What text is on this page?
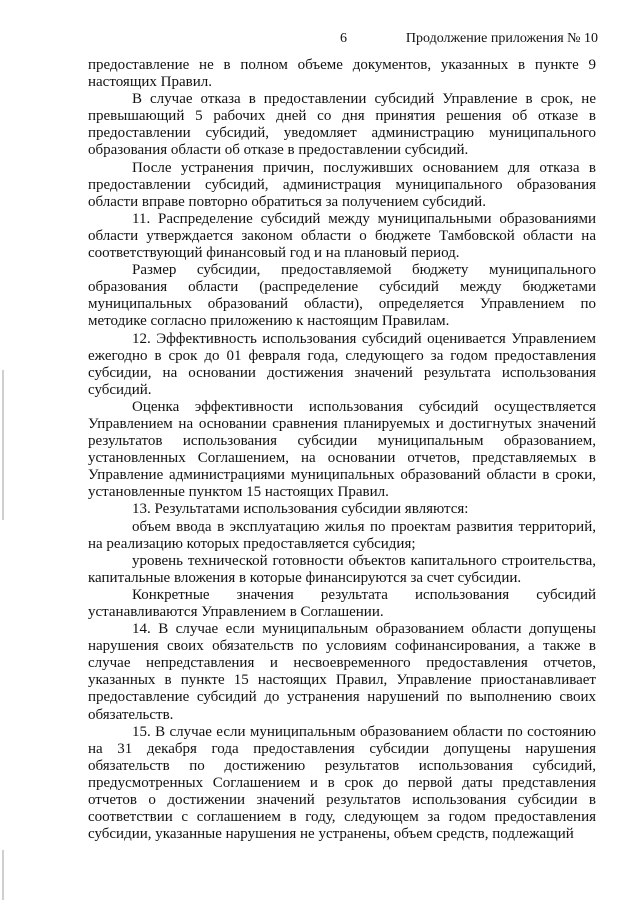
6	Продолжение приложения № 10

предоставление не в полном объеме документов, указанных в пункте 9 настоящих Правил.

В случае отказа в предоставлении субсидий Управление в срок, не превышающий 5 рабочих дней со дня принятия решения об отказе в предоставлении субсидий, уведомляет администрацию муниципального образования области об отказе в предоставлении субсидий.

После устранения причин, послуживших основанием для отказа в предоставлении субсидий, администрация муниципального образования области вправе повторно обратиться за получением субсидий.

11. Распределение субсидий между муниципальными образованиями области утверждается законом области о бюджете Тамбовской области на соответствующий финансовый год и на плановый период.

Размер субсидии, предоставляемой бюджету муниципального образования области (распределение субсидий между бюджетами муниципальных образований области), определяется Управлением по методике согласно приложению к настоящим Правилам.

12. Эффективность использования субсидий оценивается Управлением ежегодно в срок до 01 февраля года, следующего за годом предоставления субсидии, на основании достижения значений результата использования субсидий.

Оценка эффективности использования субсидий осуществляется Управлением на основании сравнения планируемых и достигнутых значений результатов использования субсидии муниципальным образованием, установленных Соглашением, на основании отчетов, представляемых в Управление администрациями муниципальных образований области в сроки, установленные пунктом 15 настоящих Правил.

13. Результатами использования субсидии являются:

объем ввода в эксплуатацию жилья по проектам развития территорий, на реализацию которых предоставляется субсидия;

уровень технической готовности объектов капитального строительства, капитальные вложения в которые финансируются за счет субсидии.

Конкретные значения результата использования субсидий устанавливаются Управлением в Соглашении.

14. В случае если муниципальным образованием области допущены нарушения своих обязательств по условиям софинансирования, а также в случае непредставления и несвоевременного предоставления отчетов, указанных в пункте 15 настоящих Правил, Управление приостанавливает предоставление субсидий до устранения нарушений по выполнению своих обязательств.

15. В случае если муниципальным образованием области по состоянию на 31 декабря года предоставления субсидии допущены нарушения обязательств по достижению результатов использования субсидий, предусмотренных Соглашением и в срок до первой даты представления отчетов о достижении значений результатов использования субсидии в соответствии с соглашением в году, следующем за годом предоставления субсидии, указанные нарушения не устранены, объем средств, подлежащий
